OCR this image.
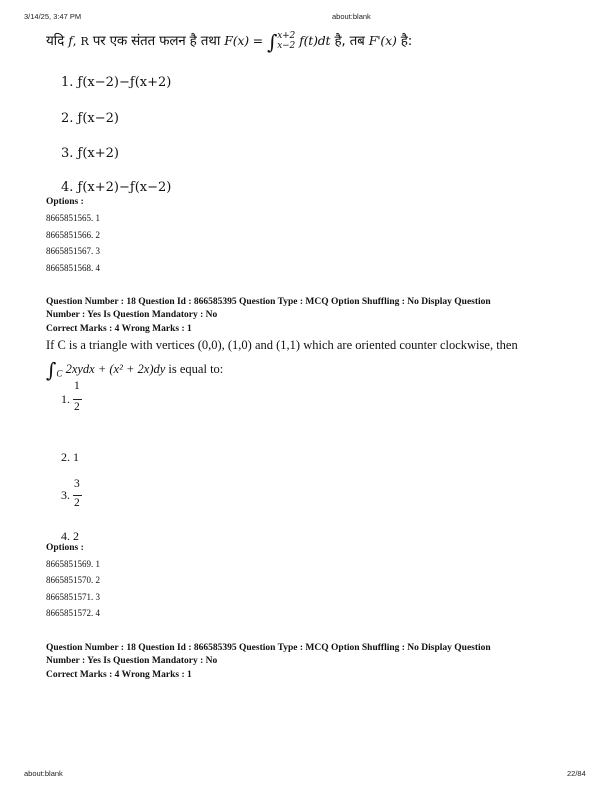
3/14/25, 3:47 PM	about:blank
यदि f, R पर एक संतत फलन है तथा F(x) = ∫x+2
x−2 f(t)dt है, तब F'(x) है:
1. ƒ(x−2)−ƒ(x+2)
2. ƒ(x−2)
3. ƒ(x+2)
4. ƒ(x+2)−ƒ(x−2)
Options :
8665851565. 1
8665851566. 2
8665851567. 3
8665851568. 4
Question Number : 18 Question Id : 866585395 Question Type : MCQ Option Shuffling : No Display Question
Number : Yes Is Question Mandatory : No
Correct Marks : 4 Wrong Marks : 1
If C is a triangle with vertices (0,0), (1,0) and (1,1) which are oriented counter clockwise, then
$\int_C$ 2xydx + (x² + 2x)dy is equal to:
1.
1
2
2. 1
3.
3
2
4. 2
Options :
8665851569. 1
8665851570. 2
8665851571. 3
8665851572. 4
Question Number : 18 Question Id : 866585395 Question Type : MCQ Option Shuffling : No Display Question
Number : Yes Is Question Mandatory : No
Correct Marks : 4 Wrong Marks : 1
about:blank	22/84
